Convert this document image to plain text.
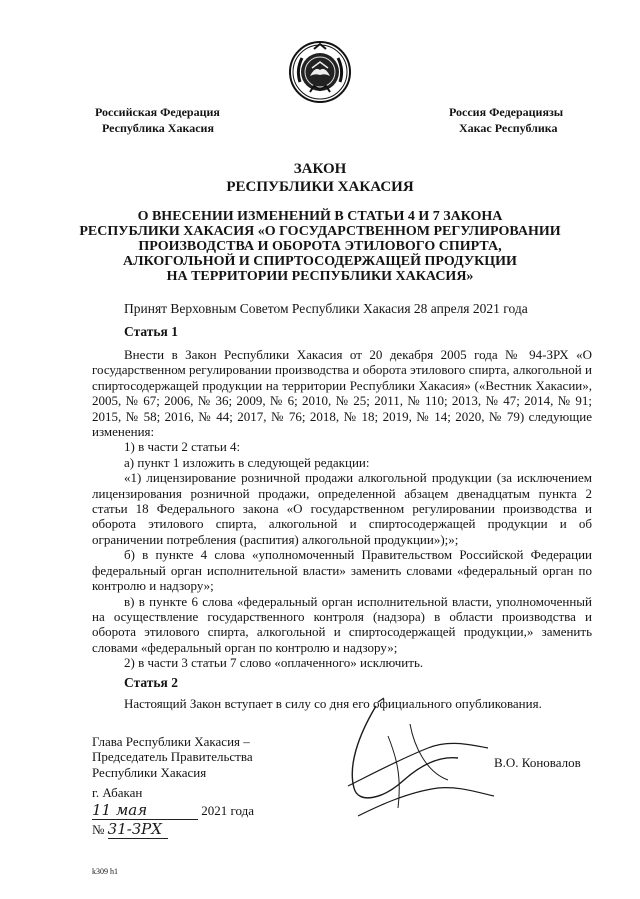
Российская Федерация
Республика Хакасия
Россия Федерациязы
Хакас Республика
ЗАКОН
РЕСПУБЛИКИ ХАКАСИЯ
О ВНЕСЕНИИ ИЗМЕНЕНИЙ В СТАТЬИ 4 И 7 ЗАКОНА
РЕСПУБЛИКИ ХАКАСИЯ «О ГОСУДАРСТВЕННОМ РЕГУЛИРОВАНИИ
ПРОИЗВОДСТВА И ОБОРОТА ЭТИЛОВОГО СПИРТА,
АЛКОГОЛЬНОЙ И СПИРТОСОДЕРЖАЩЕЙ ПРОДУКЦИИ
НА ТЕРРИТОРИИ РЕСПУБЛИКИ ХАКАСИЯ»
Принят Верховным Советом Республики Хакасия 28 апреля 2021 года
Статья 1

Внести в Закон Республики Хакасия от 20 декабря 2005 года № 94-ЗРХ «О государственном регулировании производства и оборота этилового спирта, алкогольной и спиртосодержащей продукции на территории Республики Хакасия» («Вестник Хакасии», 2005, № 67; 2006, № 36; 2009, № 6; 2010, № 25; 2011, № 110; 2013, № 47; 2014, № 91; 2015, № 58; 2016, № 44; 2017, № 76; 2018, № 18; 2019, № 14; 2020, № 79) следующие изменения:

1) в части 2 статьи 4:

а) пункт 1 изложить в следующей редакции:

«1) лицензирование розничной продажи алкогольной продукции (за исключением лицензирования розничной продажи, определенной абзацем двенадцатым пункта 2 статьи 18 Федерального закона «О государственном регулировании производства и оборота этилового спирта, алкогольной и спиртосодержащей продукции и об ограничении потребления (распития) алкогольной продукции»);»;

б) в пункте 4 слова «уполномоченный Правительством Российской Федерации федеральный орган исполнительной власти» заменить словами «федеральный орган по контролю и надзору»;

в) в пункте 6 слова «федеральный орган исполнительной власти, уполномоченный на осуществление государственного контроля (надзора) в области производства и оборота этилового спирта, алкогольной и спиртосодержащей продукции,» заменить словами «федеральный орган по контролю и надзору»;

2) в части 3 статьи 7 слово «оплаченного» исключить.

Статья 2

Настоящий Закон вступает в силу со дня его официального опубликования.

Глава Республики Хакасия –
Председатель Правительства
Республики Хакасия
В.О. Коновалов
г. Абакан
11 мая	2021 года
№ 31-ЗРХ
k309 h1
